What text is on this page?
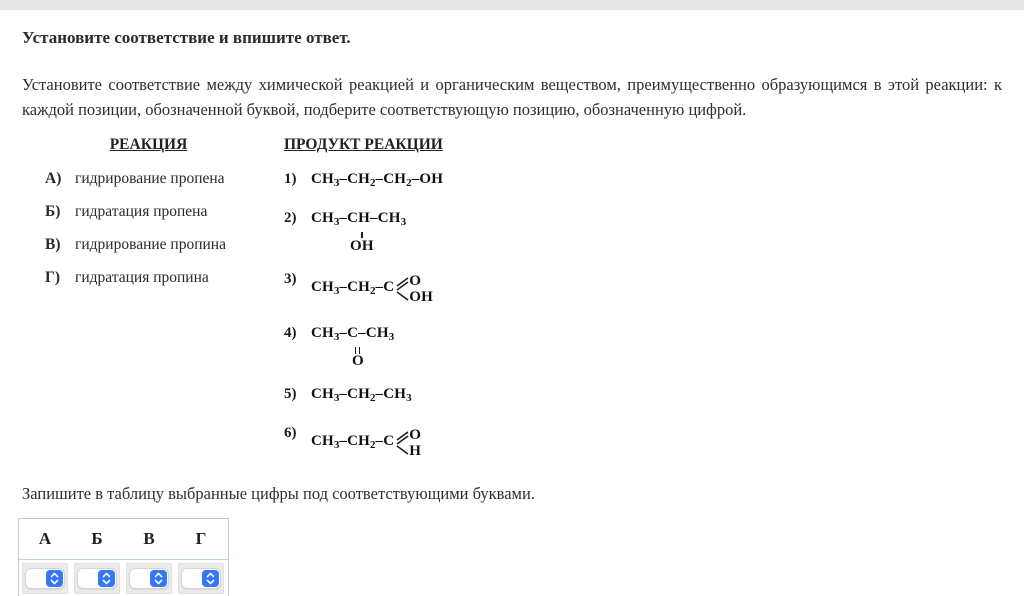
Установите соответствие и впишите ответ.
Установите соответствие между химической реакцией и органическим веществом, преимущественно образующимся в этой реакции: к каждой позиции, обозначенной буквой, подберите соответствующую позицию, обозначенную цифрой.
РЕАКЦИЯ
А) гидрирование пропена
Б) гидратация пропена
В) гидрирование пропина
Г) гидратация пропина
ПРОДУКТ РЕАКЦИИ
1) $CH_3-CH_2-CH_2-OH$
2) $CH_3-CH-CH_3$
OH
3) $CH_3-CH_2-C$ O
OH
4) $CH_3-C-CH_3$
O
5) $CH_3-CH_2-CH_3$
6) $CH_3-CH_2-C$ O
H
Запишите в таблицу выбранные цифры под соответствующими буквами.
А	Б	В	Г
